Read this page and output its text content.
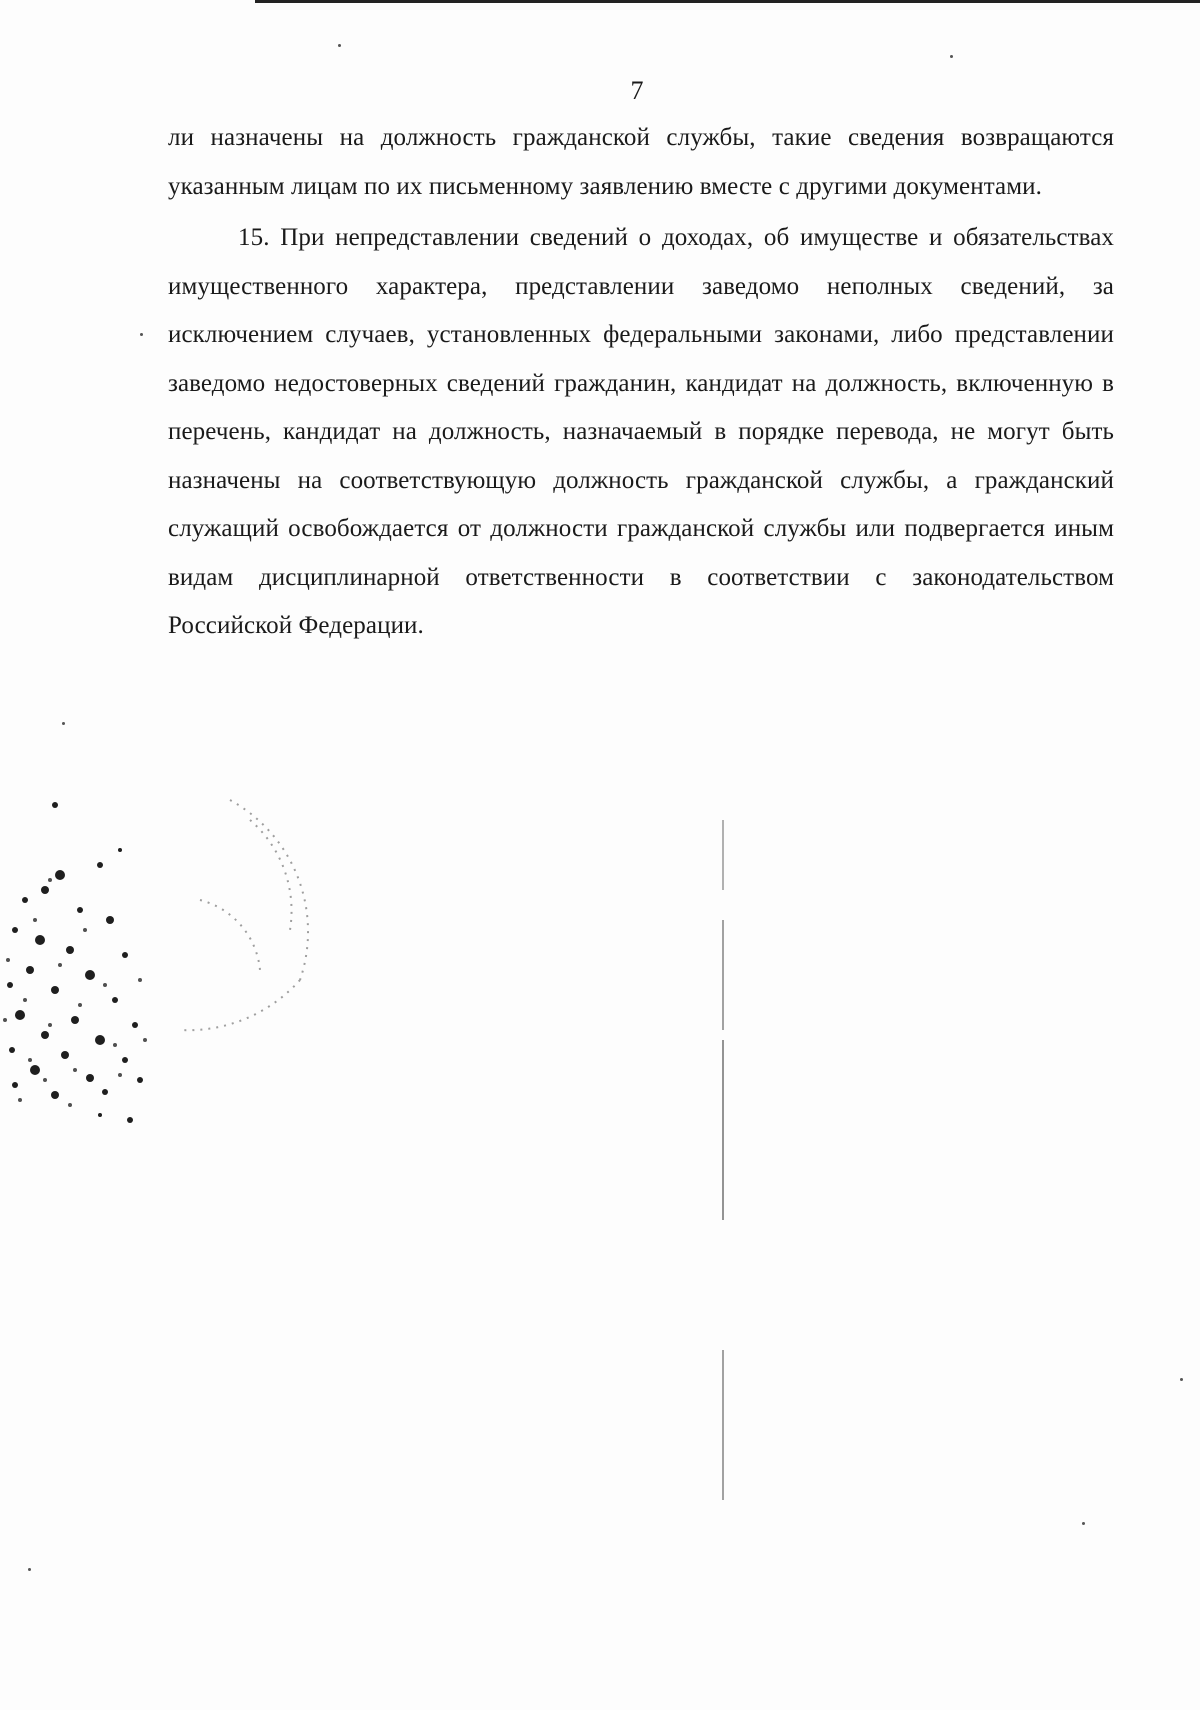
7

ли назначены на должность гражданской службы, такие сведения возвращаются указанным лицам по их письменному заявлению вместе с другими документами.

15. При непредставлении сведений о доходах, об имуществе и обязательствах имущественного характера, представлении заведомо неполных сведений, за исключением случаев, установленных федеральными законами, либо представлении заведомо недостоверных сведений гражданин, кандидат на должность, включенную в перечень, кандидат на должность, назначаемый в порядке перевода, не могут быть назначены на соответствующую должность гражданской службы, а гражданский служащий освобождается от должности гражданской службы или подвергается иным видам дисциплинарной ответственности в соответствии с законодательством Российской Федерации.
